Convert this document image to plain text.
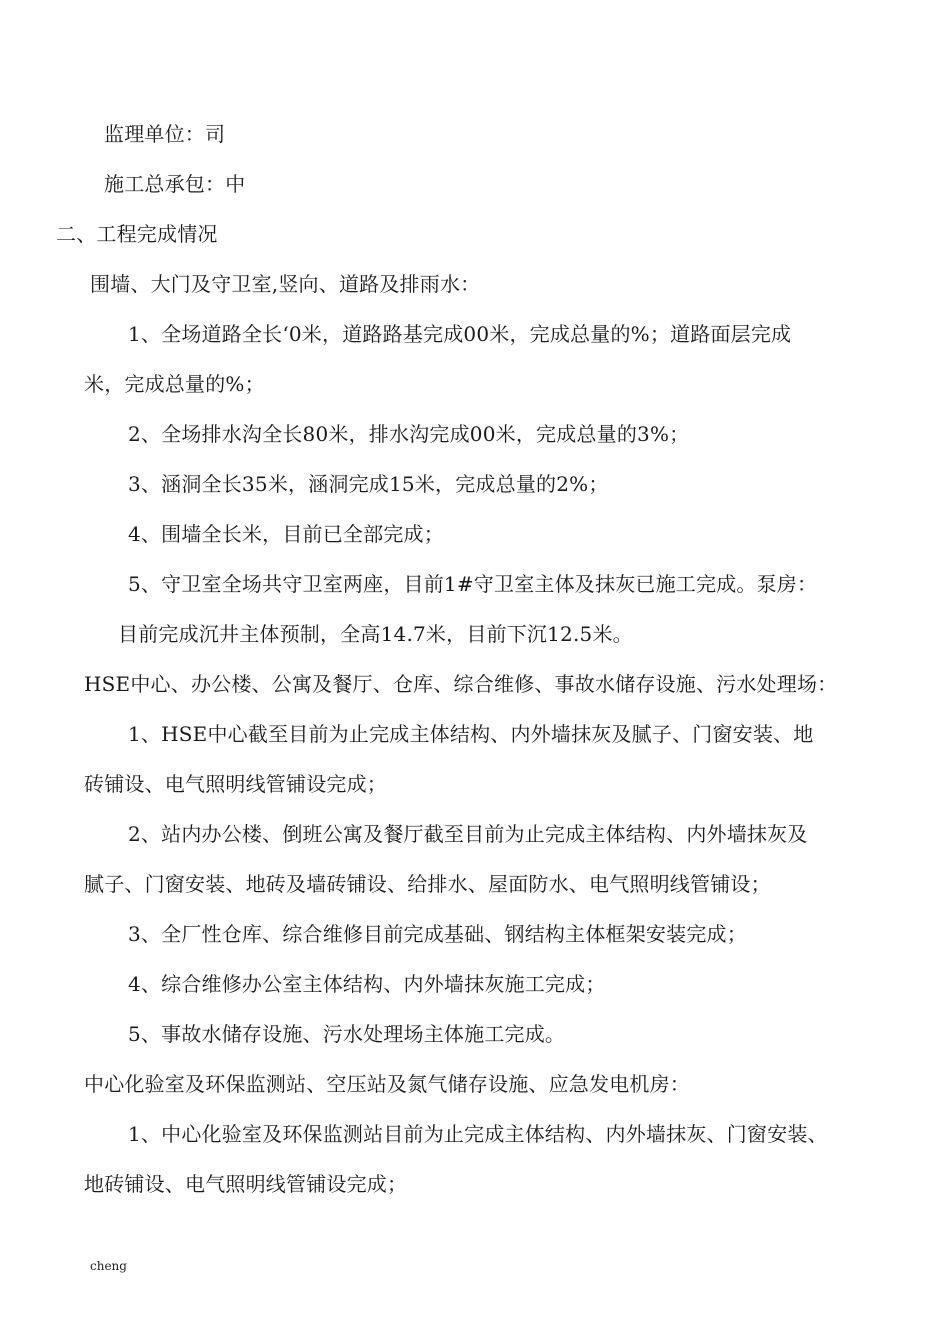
监理单位：司
施工总承包：中
二、工程完成情况
围墙、大门及守卫室,竖向、道路及排雨水：
1、全场道路全长‘0米，道路路基完成00米，完成总量的%；道路面层完成
米，完成总量的%；
2、全场排水沟全长80米，排水沟完成00米，完成总量的3%；
3、涵洞全长35米，涵洞完成15米，完成总量的2%；
4、围墙全长米，目前已全部完成；
5、守卫室全场共守卫室两座，目前1#守卫室主体及抹灰已施工完成。泵房：
目前完成沉井主体预制，全高14.7米，目前下沉12.5米。
HSE中心、办公楼、公寓及餐厅、仓库、综合维修、事故水储存设施、污水处理场：
1、HSE中心截至目前为止完成主体结构、内外墙抹灰及腻子、门窗安装、地
砖铺设、电气照明线管铺设完成；
2、站内办公楼、倒班公寓及餐厅截至目前为止完成主体结构、内外墙抹灰及
腻子、门窗安装、地砖及墙砖铺设、给排水、屋面防水、电气照明线管铺设；
3、全厂性仓库、综合维修目前完成基础、钢结构主体框架安装完成；
4、综合维修办公室主体结构、内外墙抹灰施工完成；
5、事故水储存设施、污水处理场主体施工完成。
中心化验室及环保监测站、空压站及氮气储存设施、应急发电机房：
1、中心化验室及环保监测站目前为止完成主体结构、内外墙抹灰、门窗安装、
地砖铺设、电气照明线管铺设完成；
cheng
